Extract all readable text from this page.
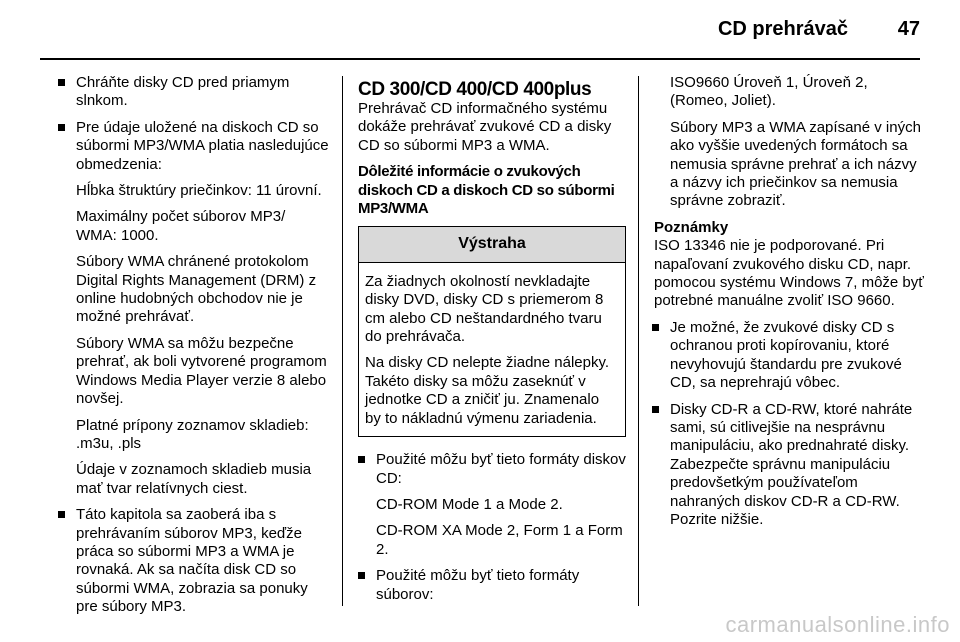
CD prehrávač 47
Chráňte disky CD pred priamym slnkom.
Pre údaje uložené na diskoch CD so súbormi MP3/WMA platia nasledujúce obmedzenia:
Hĺbka štruktúry priečinkov: 11 úrovní.
Maximálny počet súborov MP3/ WMA: 1000.
Súbory WMA chránené protokolom Digital Rights Management (DRM) z online hudobných obchodov nie je možné prehrávať.
Súbory WMA sa môžu bezpečne prehrať, ak boli vytvorené programom Windows Media Player verzie 8 alebo novšej.
Platné prípony zoznamov skladieb: .m3u, .pls
Údaje v zoznamoch skladieb musia mať tvar relatívnych ciest.
Táto kapitola sa zaoberá iba s prehrávaním súborov MP3, keďže práca so súbormi MP3 a WMA je rovnaká. Ak sa načíta disk CD so súbormi WMA, zobrazia sa ponuky pre súbory MP3.
CD 300/CD 400/CD 400plus
Prehrávač CD informačného systému dokáže prehrávať zvukové CD a disky CD so súbormi MP3 a WMA.
Dôležité informácie o zvukových diskoch CD a diskoch CD so súbormi MP3/WMA
Výstraha

Za žiadnych okolností nevkladajte disky DVD, disky CD s priemerom 8 cm alebo CD neštandardného tvaru do prehrávača.

Na disky CD nelepte žiadne nálepky. Takéto disky sa môžu zaseknúť v jednotke CD a zničiť ju. Znamenalo by to nákladnú výmenu zariadenia.

Použité môžu byť tieto formáty diskov CD:
CD-ROM Mode 1 a Mode 2.
CD-ROM XA Mode 2, Form 1 a Form 2.
Použité môžu byť tieto formáty súborov:
ISO9660 Úroveň 1, Úroveň 2, (Romeo, Joliet).
Súbory MP3 a WMA zapísané v iných ako vyššie uvedených formátoch sa nemusia správne prehrať a ich názvy a názvy ich priečinkov sa nemusia správne zobraziť.
Poznámky
ISO 13346 nie je podporované. Pri napaľovaní zvukového disku CD, napr. pomocou systému Windows 7, môže byť potrebné manuálne zvoliť ISO 9660.
Je možné, že zvukové disky CD s ochranou proti kopírovaniu, ktoré nevyhovujú štandardu pre zvukové CD, sa neprehrajú vôbec.
Disky CD-R a CD-RW, ktoré nahráte sami, sú citlivejšie na nesprávnu manipuláciu, ako prednahraté disky. Zabezpečte správnu manipuláciu predovšetkým používateľom nahraných diskov CD-R a CD-RW. Pozrite nižšie.
carmanualsonline.info
